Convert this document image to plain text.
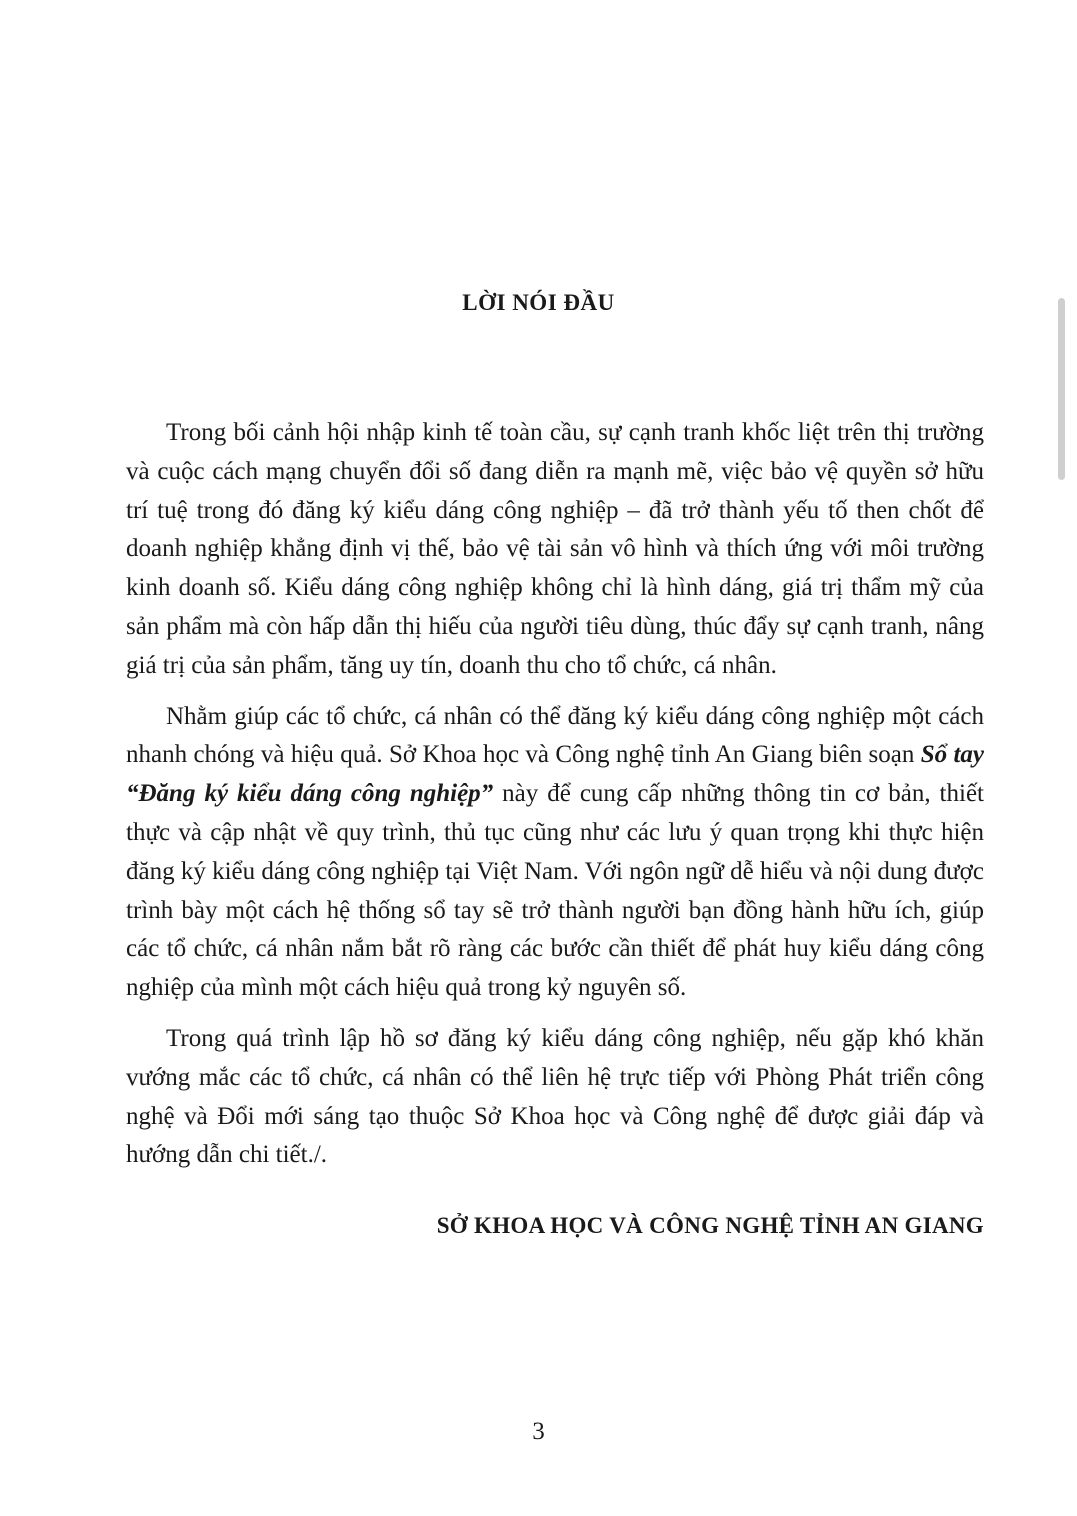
LỜI NÓI ĐẦU

Trong bối cảnh hội nhập kinh tế toàn cầu, sự cạnh tranh khốc liệt trên thị trường và cuộc cách mạng chuyển đổi số đang diễn ra mạnh mẽ, việc bảo vệ quyền sở hữu trí tuệ trong đó đăng ký kiểu dáng công nghiệp – đã trở thành yếu tố then chốt để doanh nghiệp khẳng định vị thế, bảo vệ tài sản vô hình và thích ứng với môi trường kinh doanh số. Kiểu dáng công nghiệp không chỉ là hình dáng, giá trị thẩm mỹ của sản phẩm mà còn hấp dẫn thị hiếu của người tiêu dùng, thúc đẩy sự cạnh tranh, nâng giá trị của sản phẩm, tăng uy tín, doanh thu cho tổ chức, cá nhân.

Nhằm giúp các tổ chức, cá nhân có thể đăng ký kiểu dáng công nghiệp một cách nhanh chóng và hiệu quả. Sở Khoa học và Công nghệ tỉnh An Giang biên soạn Sổ tay “Đăng ký kiểu dáng công nghiệp” này để cung cấp những thông tin cơ bản, thiết thực và cập nhật về quy trình, thủ tục cũng như các lưu ý quan trọng khi thực hiện đăng ký kiểu dáng công nghiệp tại Việt Nam. Với ngôn ngữ dễ hiểu và nội dung được trình bày một cách hệ thống sổ tay sẽ trở thành người bạn đồng hành hữu ích, giúp các tổ chức, cá nhân nắm bắt rõ ràng các bước cần thiết để phát huy kiểu dáng công nghiệp của mình một cách hiệu quả trong kỷ nguyên số.

Trong quá trình lập hồ sơ đăng ký kiểu dáng công nghiệp, nếu gặp khó khăn vướng mắc các tổ chức, cá nhân có thể liên hệ trực tiếp với Phòng Phát triển công nghệ và Đổi mới sáng tạo thuộc Sở Khoa học và Công nghệ để được giải đáp và hướng dẫn chi tiết./.

SỞ KHOA HỌC VÀ CÔNG NGHỆ TỈNH AN GIANG
3
